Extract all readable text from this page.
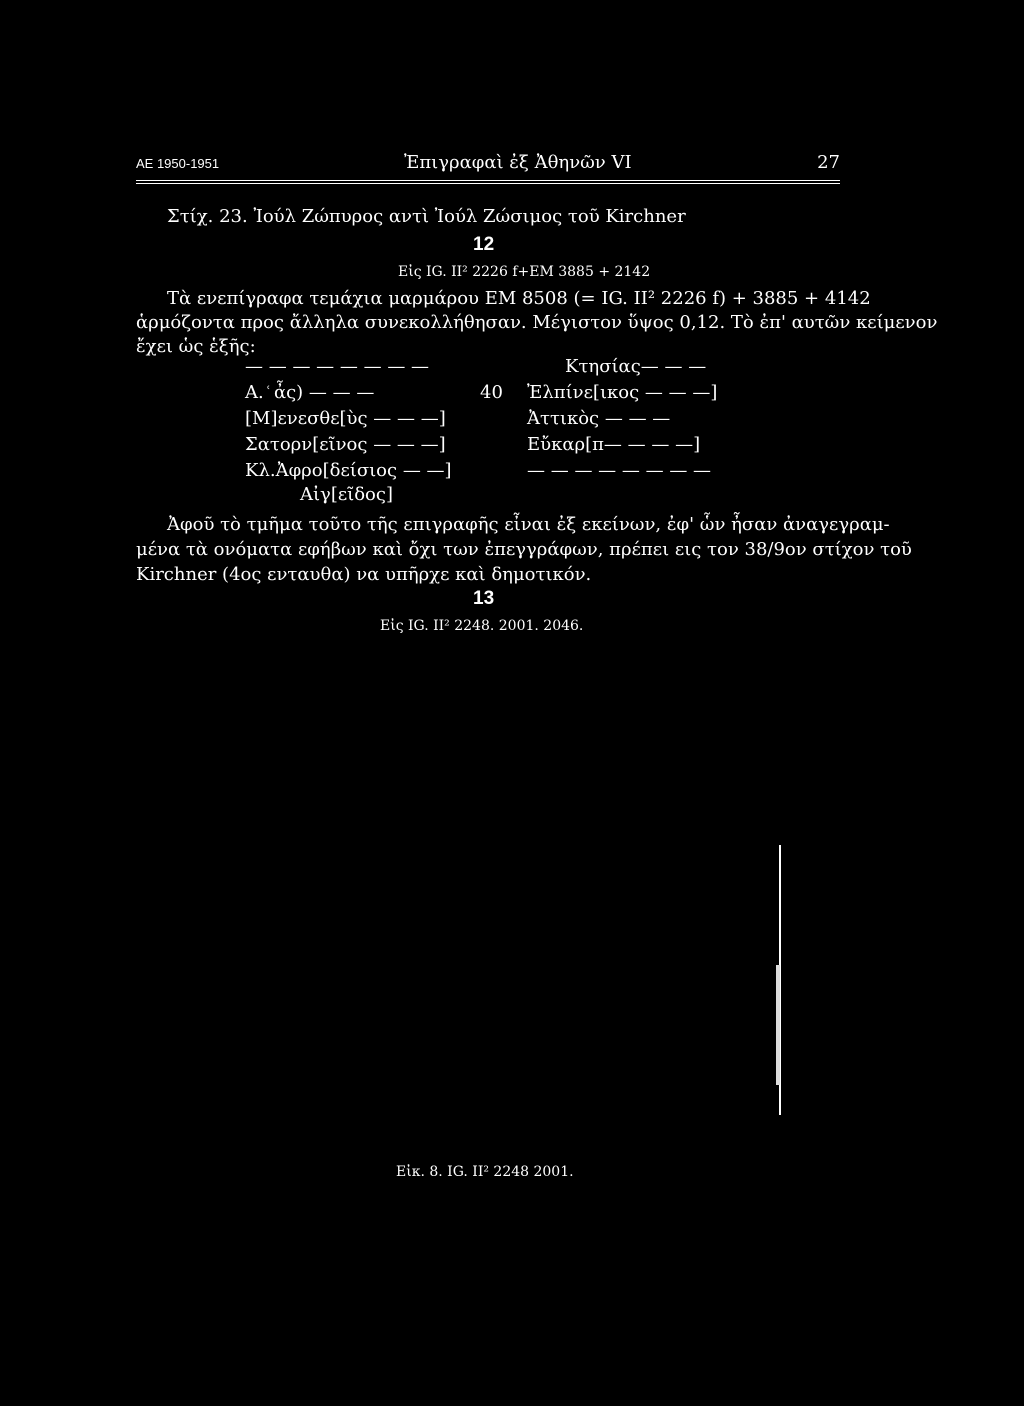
ΑΕ 1950-1951	Ἐπιγραφαὶ ἐξ Ἀθηνῶν VI	27
Στίχ. 23. Ἰούλ Ζώπυρος αντὶ Ἰούλ Ζώσιμος τοῦ Kirchner
12
Εἰς IG. II² 2226 f+EM 3885 + 2142
Τὰ ενεπίγραφα τεμάχια μαρμάρου EM 8508 (= IG. II² 2226 f) + 3885 + 4142
ἁρμόζοντα προς ἄλληλα συνεκολλήθησαν. Μέγιστον ὕψος 0,12. Τὸ ἐπ' αυτῶν κείμενον
ἔχει ὡς ἑξῆς:
— — — — — — — —
Α. ͑ ἆς) — — —
[Μ]ενεσθε[ὺς — — —]
Σατορν[εῖνος — — —]
Κλ.Ἀφρο[δείσιος — —]
Αἰγ[εῖδος]
40
Κτησίας— — —
Ἐλπίνε[ικος — — —]
Ἀττικὸς — — —
Εὔκαρ[π— — — —]
— — — — — — — —
Ἀφοῦ τὸ τμῆμα τοῦτο τῆς επιγραφῆς εἶναι ἐξ εκείνων, ἐφ' ὧν ἦσαν ἀναγεγραμ-
μένα τὰ ονόματα εφήβων καὶ ὄχι των ἐπεγγράφων, πρέπει εις τον 38/9ον στίχον τοῦ
Kirchner (4ος ενταυθα) να υπῆρχε καὶ δημοτικόν.
13
Εἰς IG. II² 2248. 2001. 2046.
Εἰκ. 8. IG. II² 2248 2001.
